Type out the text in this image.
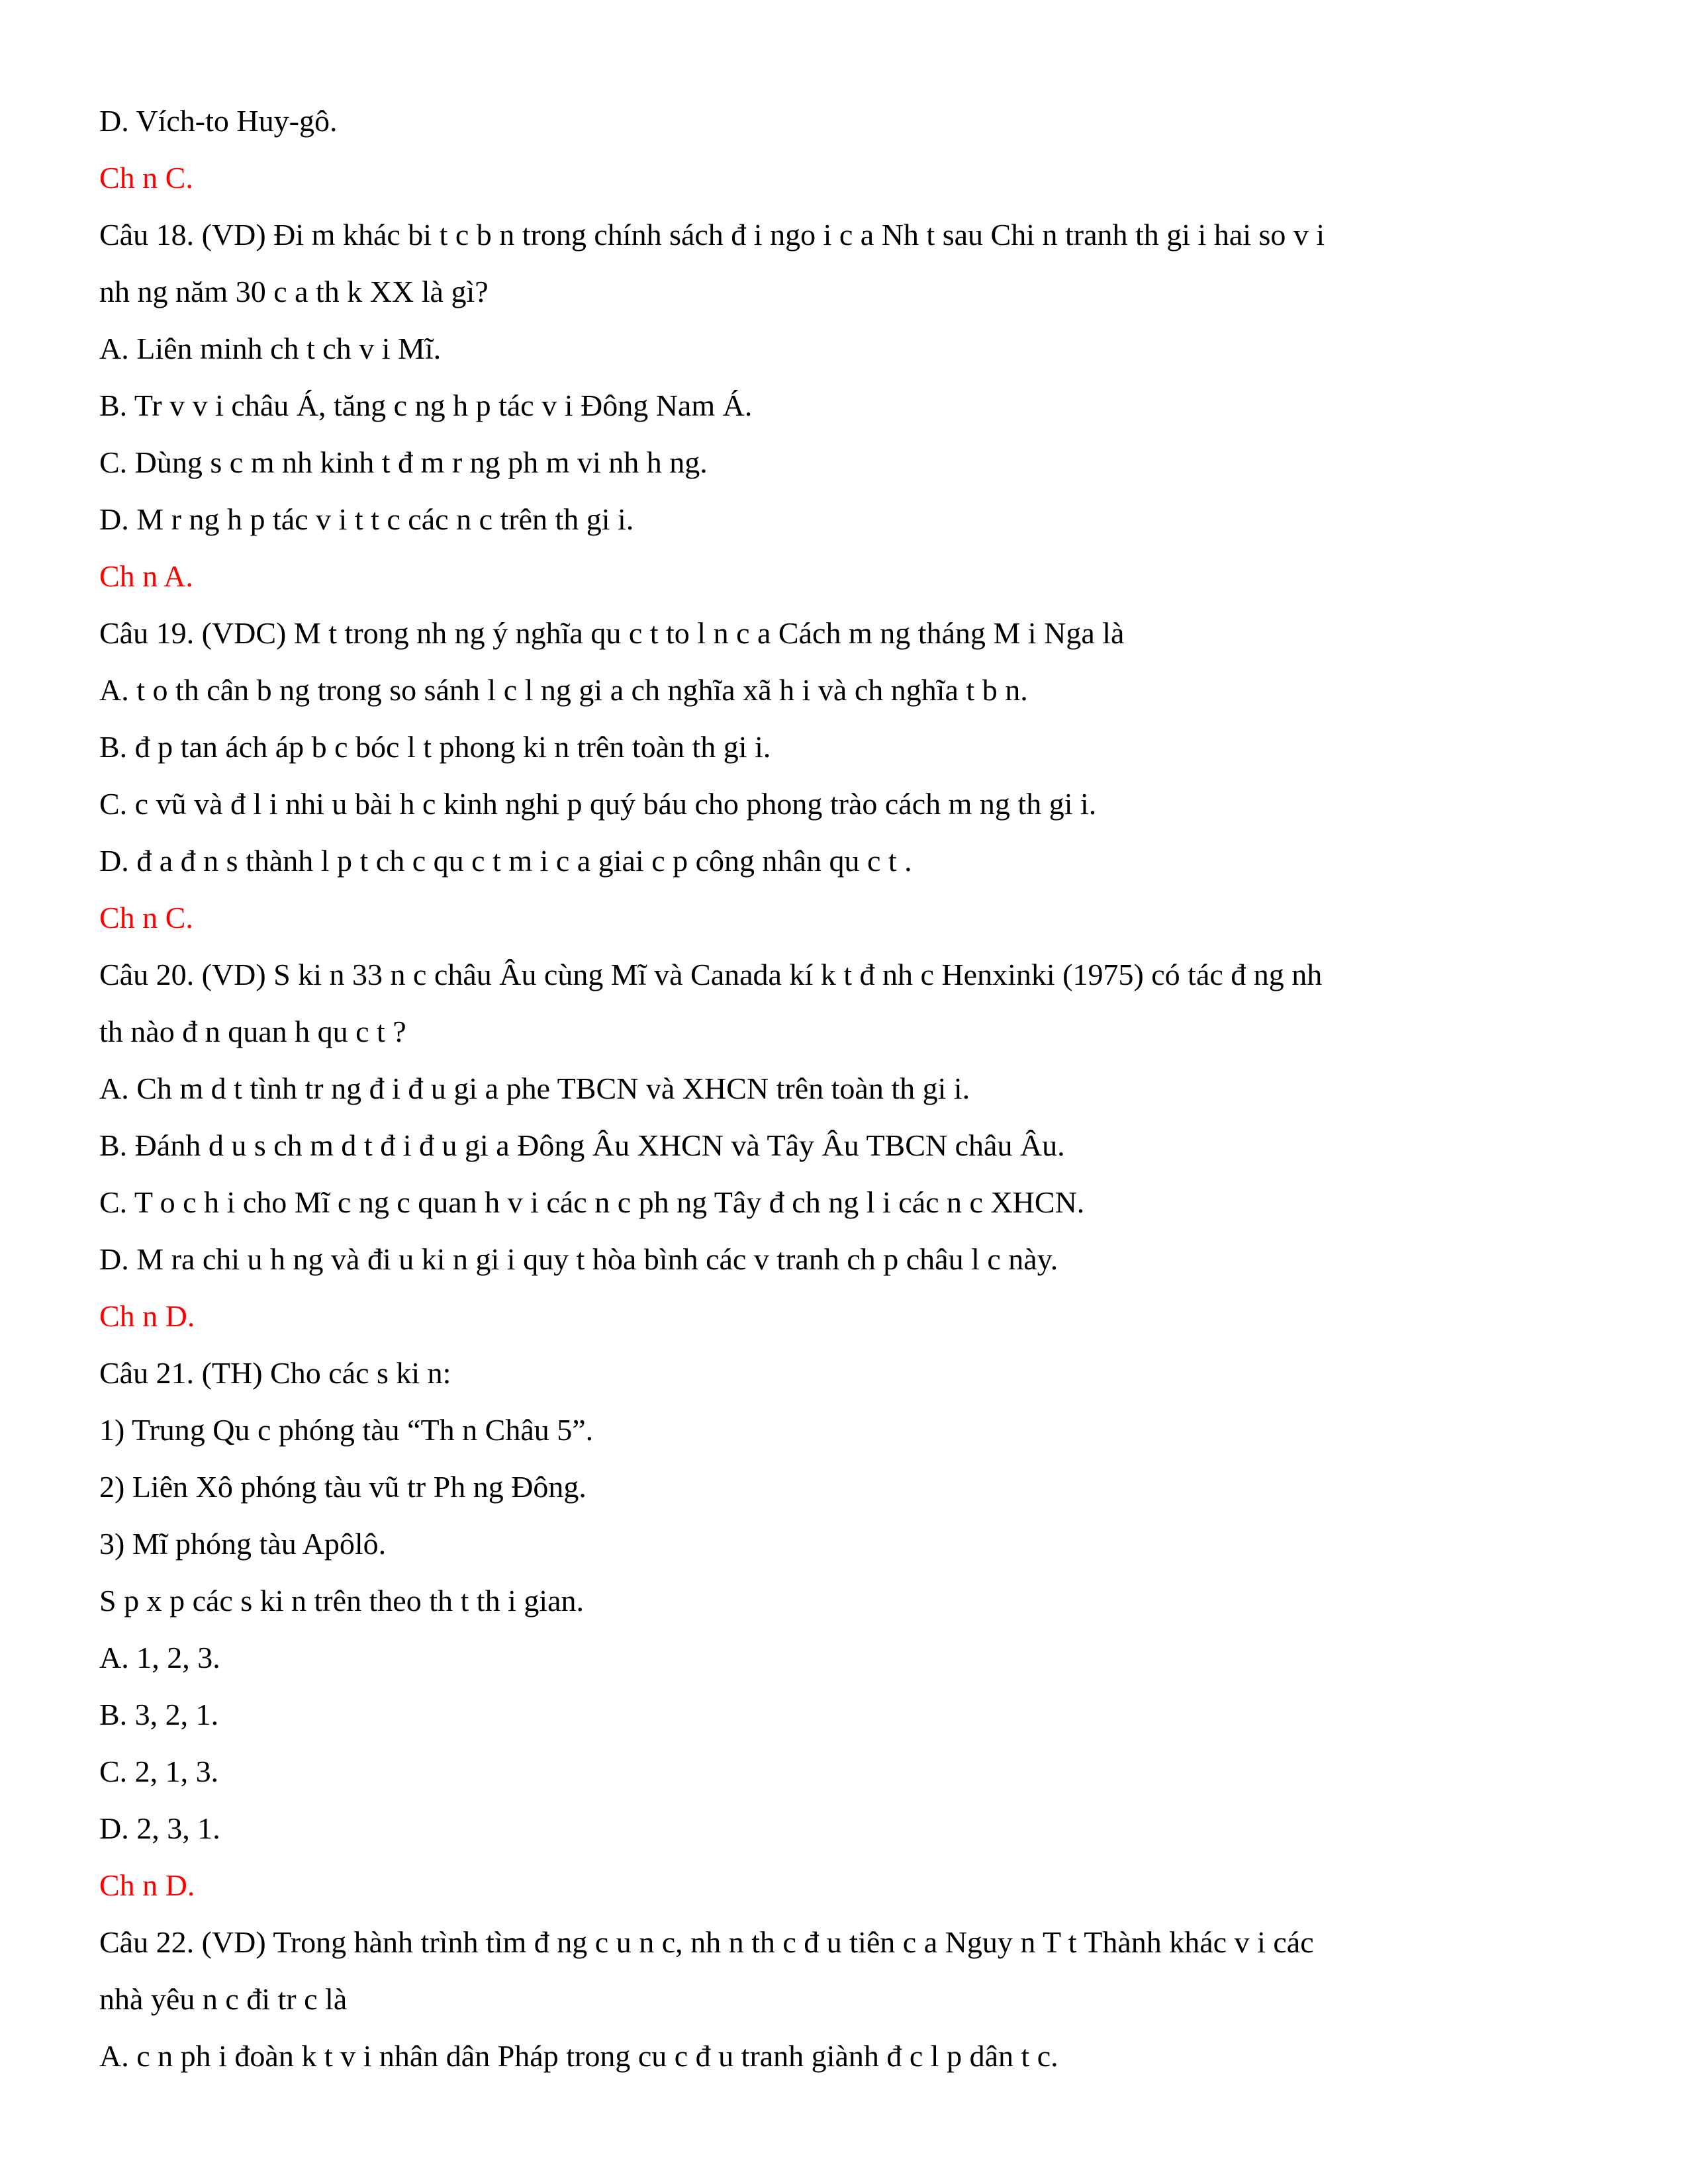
D. Vích-to Huy-gô.
Ch n C.
Câu 18. (VD) Đi m khác bi t c b n trong chính sách đ i ngo i c a Nh t sau Chi n tranh th gi i hai so v i
nh ng năm 30 c a th k XX là gì?
A. Liên minh ch t ch v i Mĩ.
B. Tr v v i châu Á, tăng c ng h p tác v i Đông Nam Á.
C. Dùng s c m nh kinh t đ m r ng ph m vi nh h ng.
D. M r ng h p tác v i t t c các n c trên th gi i.
Ch n A.
Câu 19. (VDC) M t trong nh ng ý nghĩa qu c t to l n c a Cách m ng tháng M i Nga là
A. t o th cân b ng trong so sánh l c l ng gi a ch nghĩa xã h i và ch nghĩa t b n.
B. đ p tan ách áp b c bóc l t phong ki n trên toàn th gi i.
C. c vũ và đ l i nhi u bài h c kinh nghi p quý báu cho phong trào cách m ng th gi i.
D. đ a đ n s thành l p t ch c qu c t m i c a giai c p công nhân qu c t .
Ch n C.
Câu 20. (VD) S ki n 33 n c châu Âu cùng Mĩ và Canada kí k t đ nh c Henxinki (1975) có tác đ ng nh
th nào đ n quan h qu c t ?
A. Ch m d t tình tr ng đ i đ u gi a phe TBCN và XHCN trên toàn th gi i.
B. Đánh d u s ch m d t đ i đ u gi a Đông Âu XHCN và Tây Âu TBCN châu Âu.
C. T o c h i cho Mĩ c ng c quan h v i các n c ph ng Tây đ ch ng l i các n c XHCN.
D. M ra chi u h ng và đi u ki n gi i quy t hòa bình các v tranh ch p châu l c này.
Ch n D.
Câu 21. (TH) Cho các s ki n:
1) Trung Qu c phóng tàu “Th n Châu 5”.
2) Liên Xô phóng tàu vũ tr Ph ng Đông.
3) Mĩ phóng tàu Apôlô.
S p x p các s ki n trên theo th t th i gian.
A. 1, 2, 3.
B. 3, 2, 1.
C. 2, 1, 3.
D. 2, 3, 1.
Ch n D.
Câu 22. (VD) Trong hành trình tìm đ ng c u n c, nh n th c đ u tiên c a Nguy n T t Thành khác v i các
nhà yêu n c đi tr c là
A. c n ph i đoàn k t v i nhân dân Pháp trong cu c đ u tranh giành đ c l p dân t c.
